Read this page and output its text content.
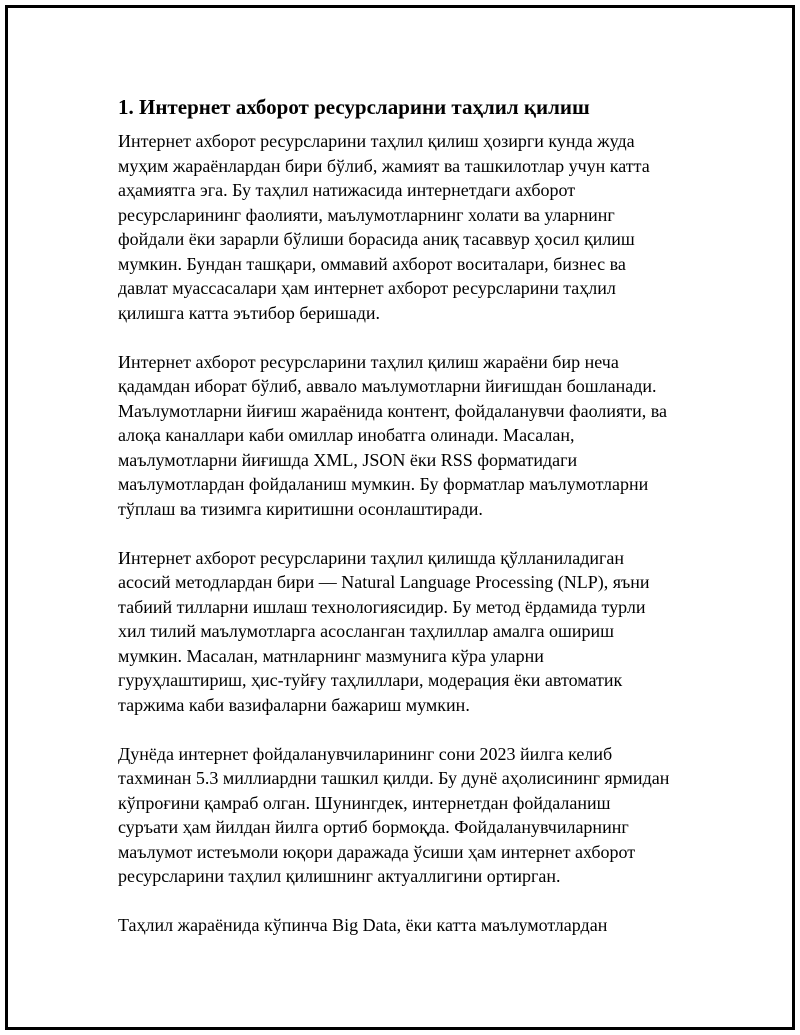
1. Интернет ахборот ресурсларини таҳлил қилиш

Интернет ахборот ресурсларини таҳлил қилиш ҳозирги кунда жуда
муҳим жараёнлардан бири бўлиб, жамият ва ташкилотлар учун катта
аҳамиятга эга. Бу таҳлил натижасида интернетдаги ахборот
ресурсларининг фаолияти, маълумотларнинг холати ва уларнинг
фойдали ёки зарарли бўлиши борасида аниқ тасаввур ҳосил қилиш
мумкин. Бундан ташқари, оммавий ахборот воситалари, бизнес ва
давлат муассасалари ҳам интернет ахборот ресурсларини таҳлил
қилишга катта эътибор беришади.

Интернет ахборот ресурсларини таҳлил қилиш жараёни бир неча
қадамдан иборат бўлиб, аввало маълумотларни йиғишдан бошланади.
Маълумотларни йиғиш жараёнида контент, фойдаланувчи фаолияти, ва
алоқа каналлари каби омиллар инобатга олинади. Масалан,
маълумотларни йиғишда XML, JSON ёки RSS форматидаги
маълумотлардан фойдаланиш мумкин. Бу форматлар маълумотларни
тўплаш ва тизимга киритишни осонлаштиради.

Интернет ахборот ресурсларини таҳлил қилишда қўлланиладиган
асосий методлардан бири — Natural Language Processing (NLP), яъни
табиий тилларни ишлаш технологиясидир. Бу метод ёрдамида турли
хил тилий маълумотларга асосланган таҳлиллар амалга ошириш
мумкин. Масалан, матнларнинг мазмунига кўра уларни
гуруҳлаштириш, ҳис-туйғу таҳлиллари, модерация ёки автоматик
таржима каби вазифаларни бажариш мумкин.

Дунёда интернет фойдаланувчиларининг сони 2023 йилга келиб
тахминан 5.3 миллиардни ташкил қилди. Бу дунё аҳолисининг ярмидан
кўпроғини қамраб олган. Шунингдек, интернетдан фойдаланиш
суръати ҳам йилдан йилга ортиб бормоқда. Фойдаланувчиларнинг
маълумот истеъмоли юқори даражада ўсиши ҳам интернет ахборот
ресурсларини таҳлил қилишнинг актуаллигини ортирган.

Таҳлил жараёнида кўпинча Big Data, ёки катта маълумотлардан
